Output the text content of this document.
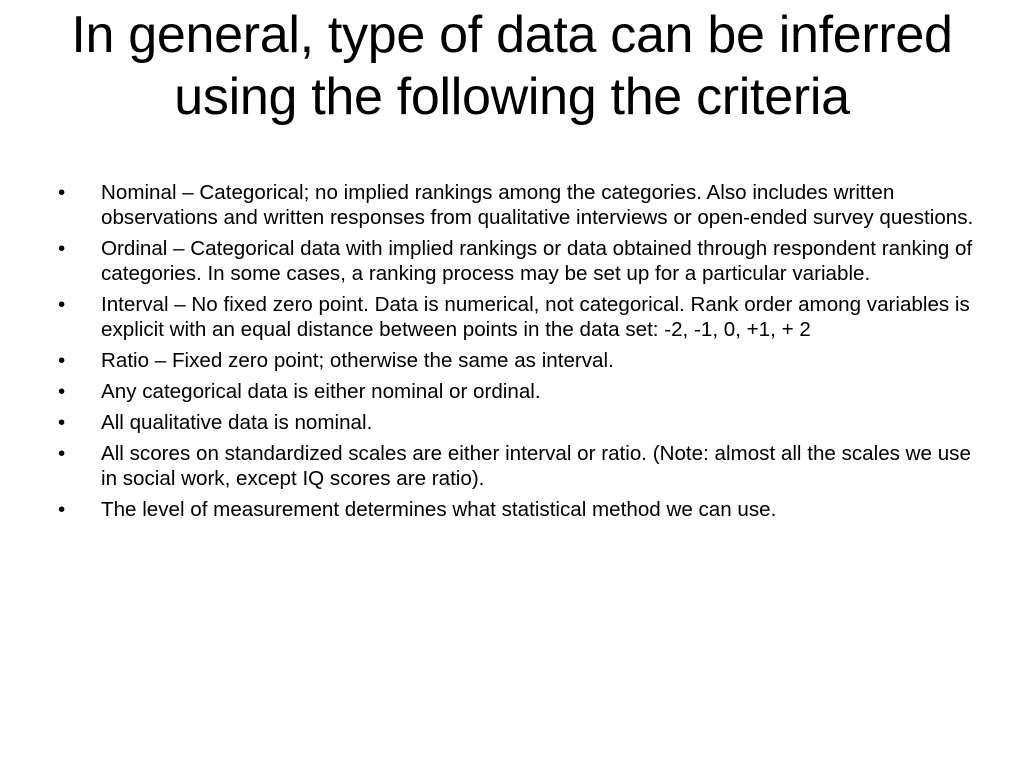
In general, type of data can be inferred using the following the criteria
• Nominal – Categorical; no implied rankings among the categories. Also includes written observations and written responses from qualitative interviews or open-ended survey questions.
• Ordinal – Categorical data with implied rankings or data obtained through respondent ranking of categories. In some cases, a ranking process may be set up for a particular variable.
• Interval – No fixed zero point. Data is numerical, not categorical. Rank order among variables is explicit with an equal distance between points in the data set: -2, -1, 0, +1, + 2
• Ratio – Fixed zero point; otherwise the same as interval.
• Any categorical data is either nominal or ordinal.
• All qualitative data is nominal.
• All scores on standardized scales are either interval or ratio. (Note: almost all the scales we use in social work, except IQ scores are ratio).
• The level of measurement determines what statistical method we can use.
